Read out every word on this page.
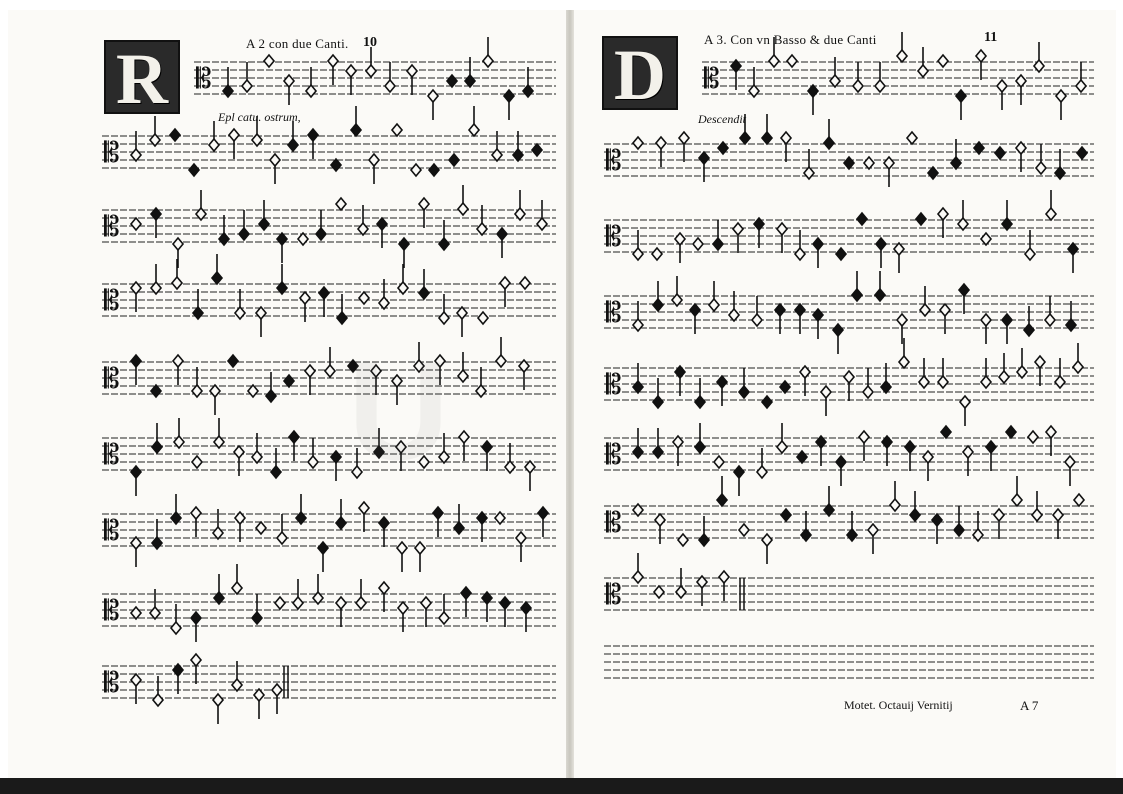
R	A 2 con due Canti. 10
Epl catu. ostrum,
𝄡
𝄡
𝄡
𝄡
𝄡
𝄡
𝄡
𝄡
𝄡
D	A 3. Con vn Basso & due Canti	11
Descendit
𝄡
𝄡
𝄡
𝄡
𝄡
𝄡
𝄡
𝄡
Motet. Octauij Vernitij	A 7
